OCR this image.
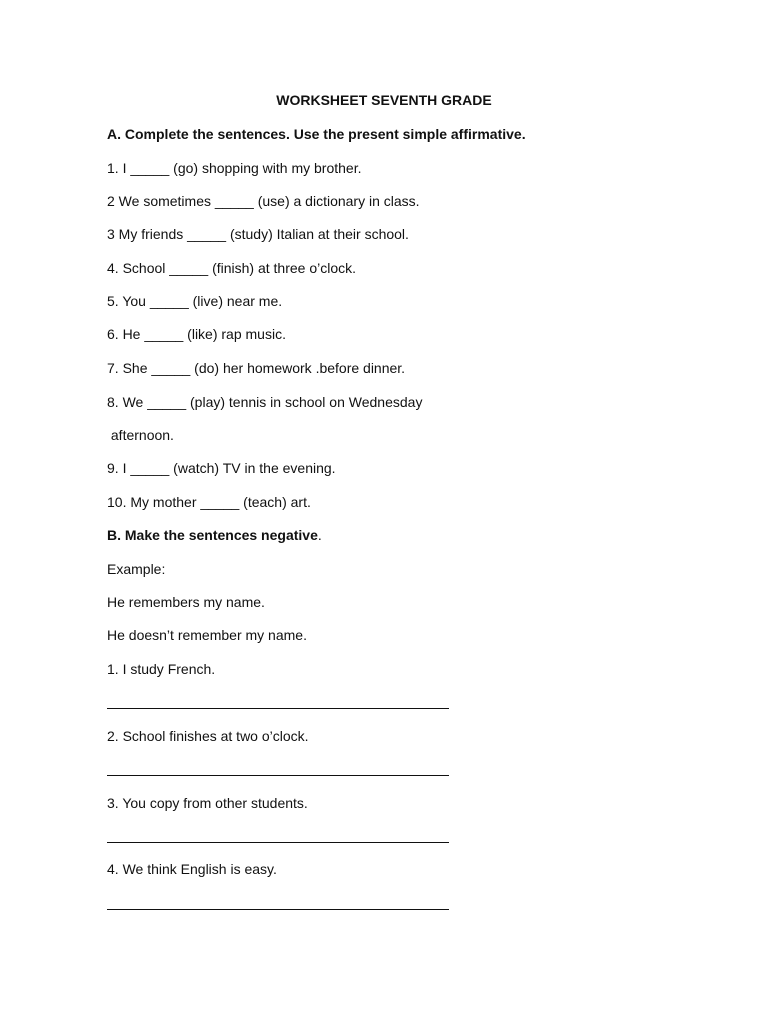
WORKSHEET SEVENTH GRADE
A. Complete the sentences. Use the present simple affirmative.
1. I _____ (go) shopping with my brother.
2 We sometimes _____ (use) a dictionary in class.
3 My friends _____ (study) Italian at their school.
4. School _____ (finish) at three o’clock.
5. You _____ (live) near me.
6. He _____ (like) rap music.
7. She _____ (do) her homework .before dinner.
8. We _____ (play) tennis in school on Wednesday
afternoon.
9. I _____ (watch) TV in the evening.
10. My mother _____ (teach) art.
B. Make the sentences negative.
Example:
He remembers my name.
He doesn’t remember my name.
1. I study French.
2. School finishes at two o’clock.
3. You copy from other students.
4. We think English is easy.
